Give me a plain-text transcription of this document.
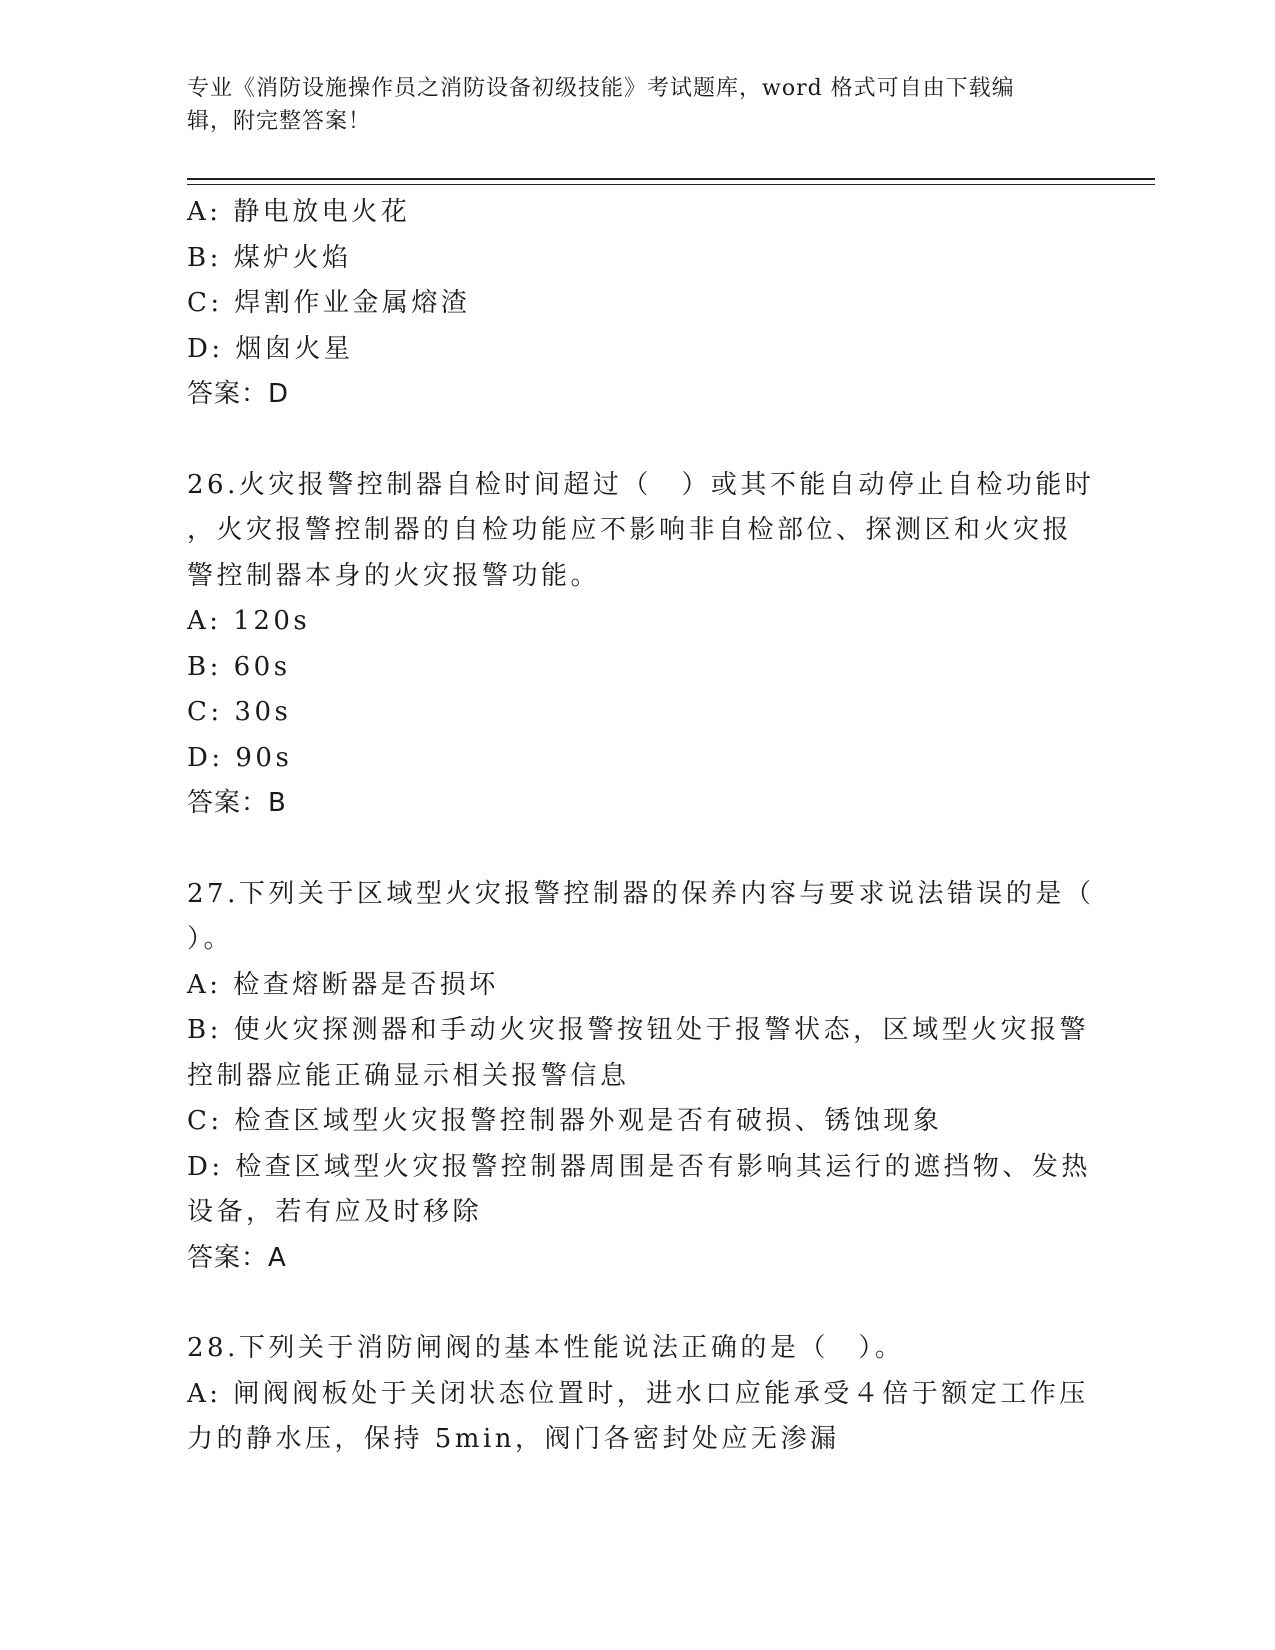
专业《消防设施操作员之消防设备初级技能》考试题库，word 格式可自由下载编
辑，附完整答案！
A: 静电放电火花
B: 煤炉火焰
C: 焊割作业金属熔渣
D: 烟囱火星
答案：D
26.火灾报警控制器自检时间超过（　）或其不能自动停止自检功能时
，火灾报警控制器的自检功能应不影响非自检部位、探测区和火灾报
警控制器本身的火灾报警功能。
A: 120s
B: 60s
C: 30s
D: 90s
答案：B
27.下列关于区域型火灾报警控制器的保养内容与要求说法错误的是（
）。
A: 检查熔断器是否损坏
B: 使火灾探测器和手动火灾报警按钮处于报警状态，区域型火灾报警
控制器应能正确显示相关报警信息
C: 检查区域型火灾报警控制器外观是否有破损、锈蚀现象
D: 检查区域型火灾报警控制器周围是否有影响其运行的遮挡物、发热
设备，若有应及时移除
答案：A
28.下列关于消防闸阀的基本性能说法正确的是（　）。
A: 闸阀阀板处于关闭状态位置时，进水口应能承受４倍于额定工作压
力的静水压，保持 5min，阀门各密封处应无渗漏
